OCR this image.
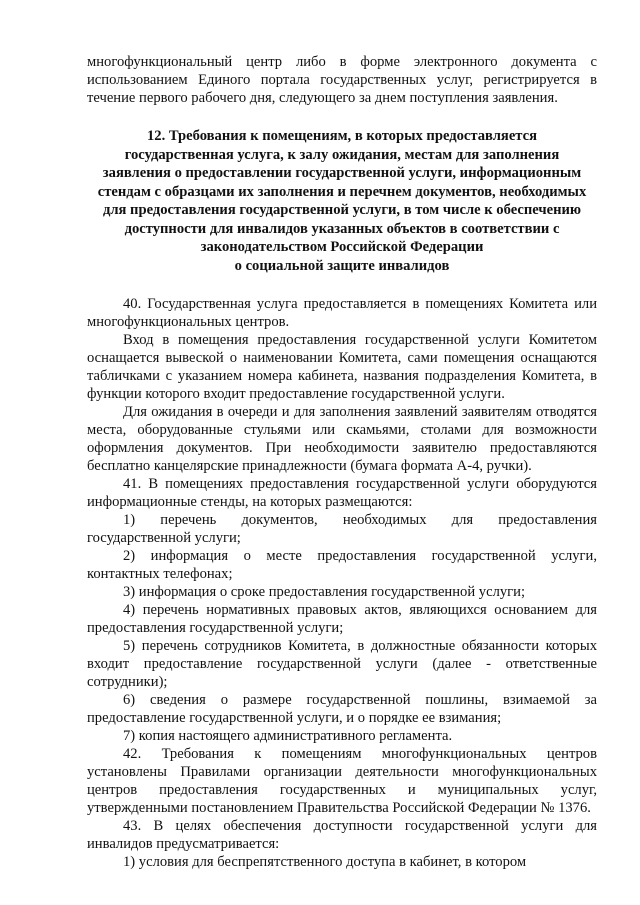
многофункциональный центр либо в форме электронного документа с использованием Единого портала государственных услуг, регистрируется в течение первого рабочего дня, следующего за днем поступления заявления.

12. Требования к помещениям, в которых предоставляется
государственная услуга, к залу ожидания, местам для заполнения
заявления о предоставлении государственной услуги, информационным
стендам с образцами их заполнения и перечнем документов, необходимых
для предоставления государственной услуги, в том числе к обеспечению
доступности для инвалидов указанных объектов в соответствии с
законодательством Российской Федерации
о социальной защите инвалидов

40. Государственная услуга предоставляется в помещениях Комитета или многофункциональных центров.

Вход в помещения предоставления государственной услуги Комитетом оснащается вывеской о наименовании Комитета, сами помещения оснащаются табличками с указанием номера кабинета, названия подразделения Комитета, в функции которого входит предоставление государственной услуги.

Для ожидания в очереди и для заполнения заявлений заявителям отводятся места, оборудованные стульями или скамьями, столами для возможности оформления документов. При необходимости заявителю предоставляются бесплатно канцелярские принадлежности (бумага формата А-4, ручки).

41. В помещениях предоставления государственной услуги оборудуются информационные стенды, на которых размещаются:

1) перечень документов, необходимых для предоставления государственной услуги;

2) информация о месте предоставления государственной услуги, контактных телефонах;

3) информация о сроке предоставления государственной услуги;

4) перечень нормативных правовых актов, являющихся основанием для предоставления государственной услуги;

5) перечень сотрудников Комитета, в должностные обязанности которых входит предоставление государственной услуги (далее - ответственные сотрудники);

6) сведения о размере государственной пошлины, взимаемой за предоставление государственной услуги, и о порядке ее взимания;

7) копия настоящего административного регламента.

42. Требования к помещениям многофункциональных центров установлены Правилами организации деятельности многофункциональных центров предоставления государственных и муниципальных услуг, утвержденными постановлением Правительства Российской Федерации № 1376.

43. В целях обеспечения доступности государственной услуги для инвалидов предусматривается:

1) условия для беспрепятственного доступа в кабинет, в котором
